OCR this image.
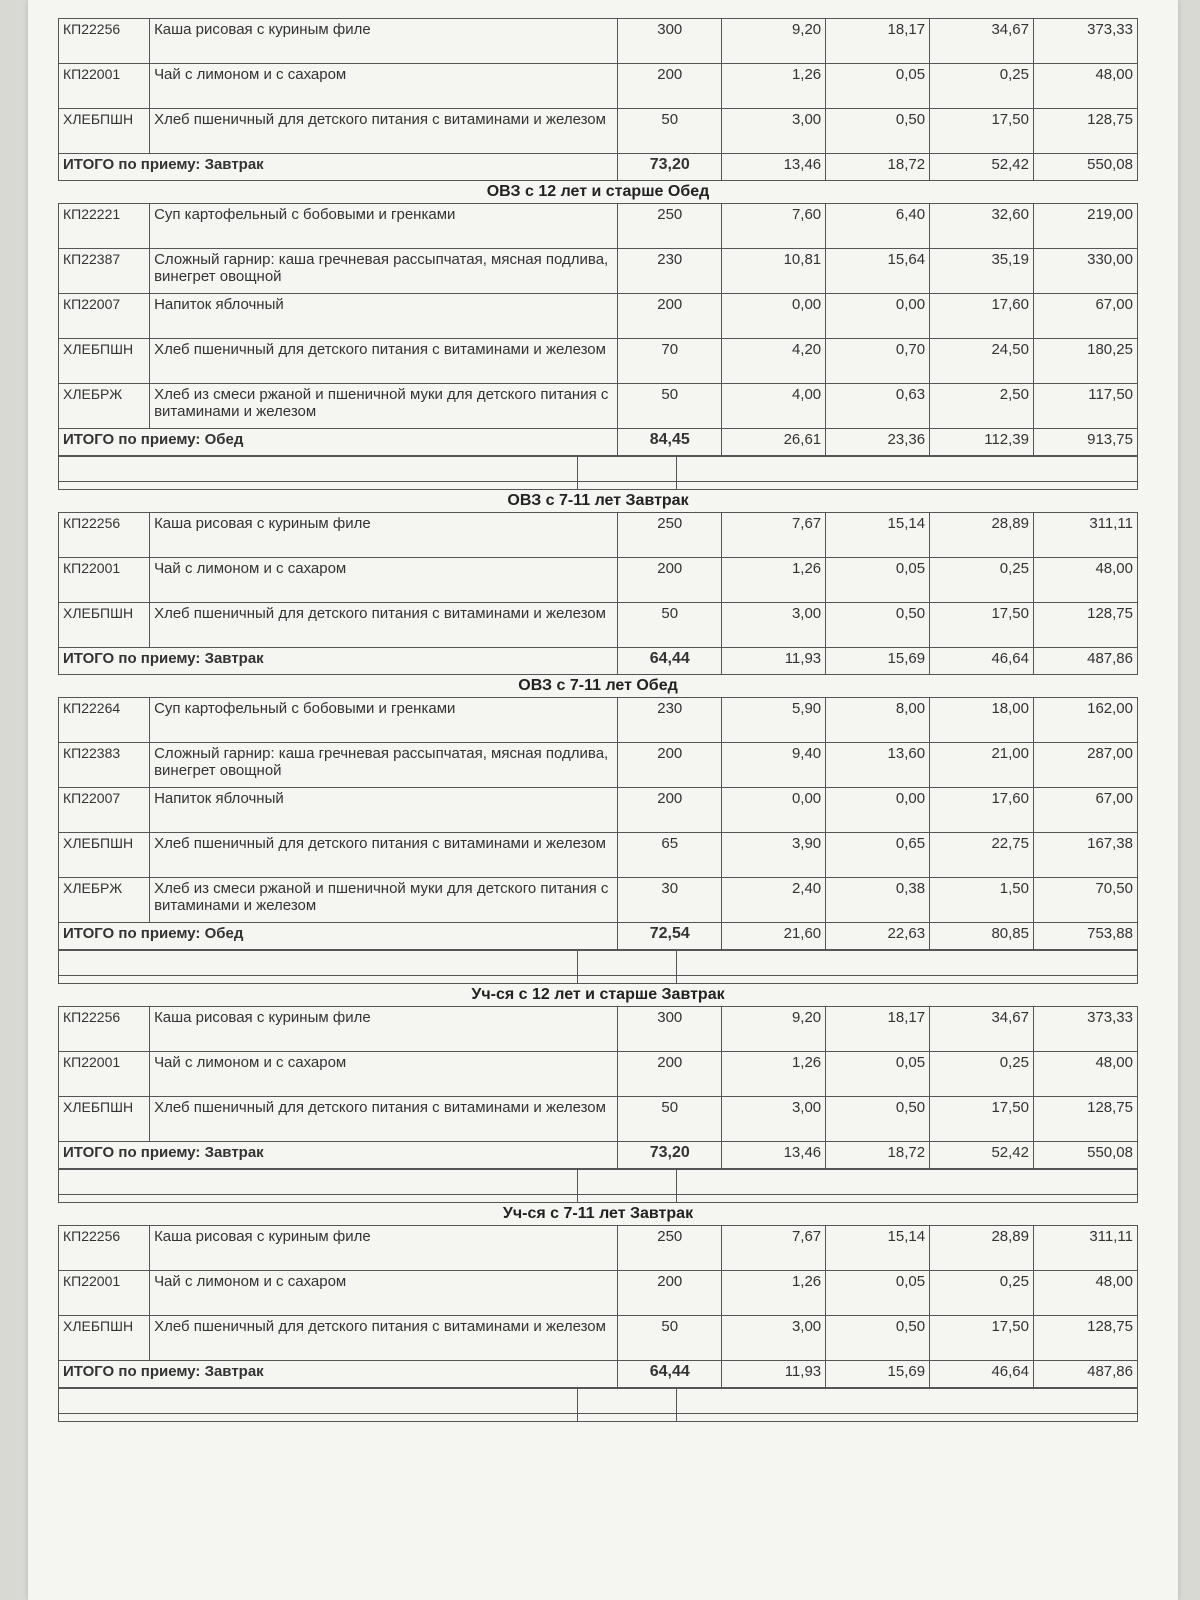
КП22256	Каша рисовая с куриным филе	300	9,20	18,17	34,67	373,33
КП22001	Чай с лимоном и с сахаром	200	1,26	0,05	0,25	48,00
ХЛЕБПШН	Хлеб пшеничный для детского питания с витаминами и железом	50	3,00	0,50	17,50	128,75
ИТОГО по приему: Завтрак		73,20	13,46	18,72	52,42	550,08
ОВЗ с 12 лет и старше Обед
КП22221	Суп картофельный с бобовыми и гренками	250	7,60	6,40	32,60	219,00
КП22387	Сложный гарнир: каша гречневая рассыпчатая, мясная подлива, винегрет овощной	230	10,81	15,64	35,19	330,00
КП22007	Напиток яблочный	200	0,00	0,00	17,60	67,00
ХЛЕБПШН	Хлеб пшеничный для детского питания с витаминами и железом	70	4,20	0,70	24,50	180,25
ХЛЕБРЖ	Хлеб из смеси ржаной и пшеничной муки для детского питания с витаминами и железом	50	4,00	0,63	2,50	117,50
ИТОГО по приему: Обед		84,45	26,61	23,36	112,39	913,75

ОВЗ с 7-11 лет Завтрак
КП22256	Каша рисовая с куриным филе	250	7,67	15,14	28,89	311,11
КП22001	Чай с лимоном и с сахаром	200	1,26	0,05	0,25	48,00
ХЛЕБПШН	Хлеб пшеничный для детского питания с витаминами и железом	50	3,00	0,50	17,50	128,75
ИТОГО по приему: Завтрак		64,44	11,93	15,69	46,64	487,86
ОВЗ с 7-11 лет Обед
КП22264	Суп картофельный с бобовыми и гренками	230	5,90	8,00	18,00	162,00
КП22383	Сложный гарнир: каша гречневая рассыпчатая, мясная подлива, винегрет овощной	200	9,40	13,60	21,00	287,00
КП22007	Напиток яблочный	200	0,00	0,00	17,60	67,00
ХЛЕБПШН	Хлеб пшеничный для детского питания с витаминами и железом	65	3,90	0,65	22,75	167,38
ХЛЕБРЖ	Хлеб из смеси ржаной и пшеничной муки для детского питания с витаминами и железом	30	2,40	0,38	1,50	70,50
ИТОГО по приему: Обед		72,54	21,60	22,63	80,85	753,88

Уч-ся с 12 лет и старше Завтрак
КП22256	Каша рисовая с куриным филе	300	9,20	18,17	34,67	373,33
КП22001	Чай с лимоном и с сахаром	200	1,26	0,05	0,25	48,00
ХЛЕБПШН	Хлеб пшеничный для детского питания с витаминами и железом	50	3,00	0,50	17,50	128,75
ИТОГО по приему: Завтрак		73,20	13,46	18,72	52,42	550,08

Уч-ся с 7-11 лет Завтрак
КП22256	Каша рисовая с куриным филе	250	7,67	15,14	28,89	311,11
КП22001	Чай с лимоном и с сахаром	200	1,26	0,05	0,25	48,00
ХЛЕБПШН	Хлеб пшеничный для детского питания с витаминами и железом	50	3,00	0,50	17,50	128,75
ИТОГО по приему: Завтрак		64,44	11,93	15,69	46,64	487,86
